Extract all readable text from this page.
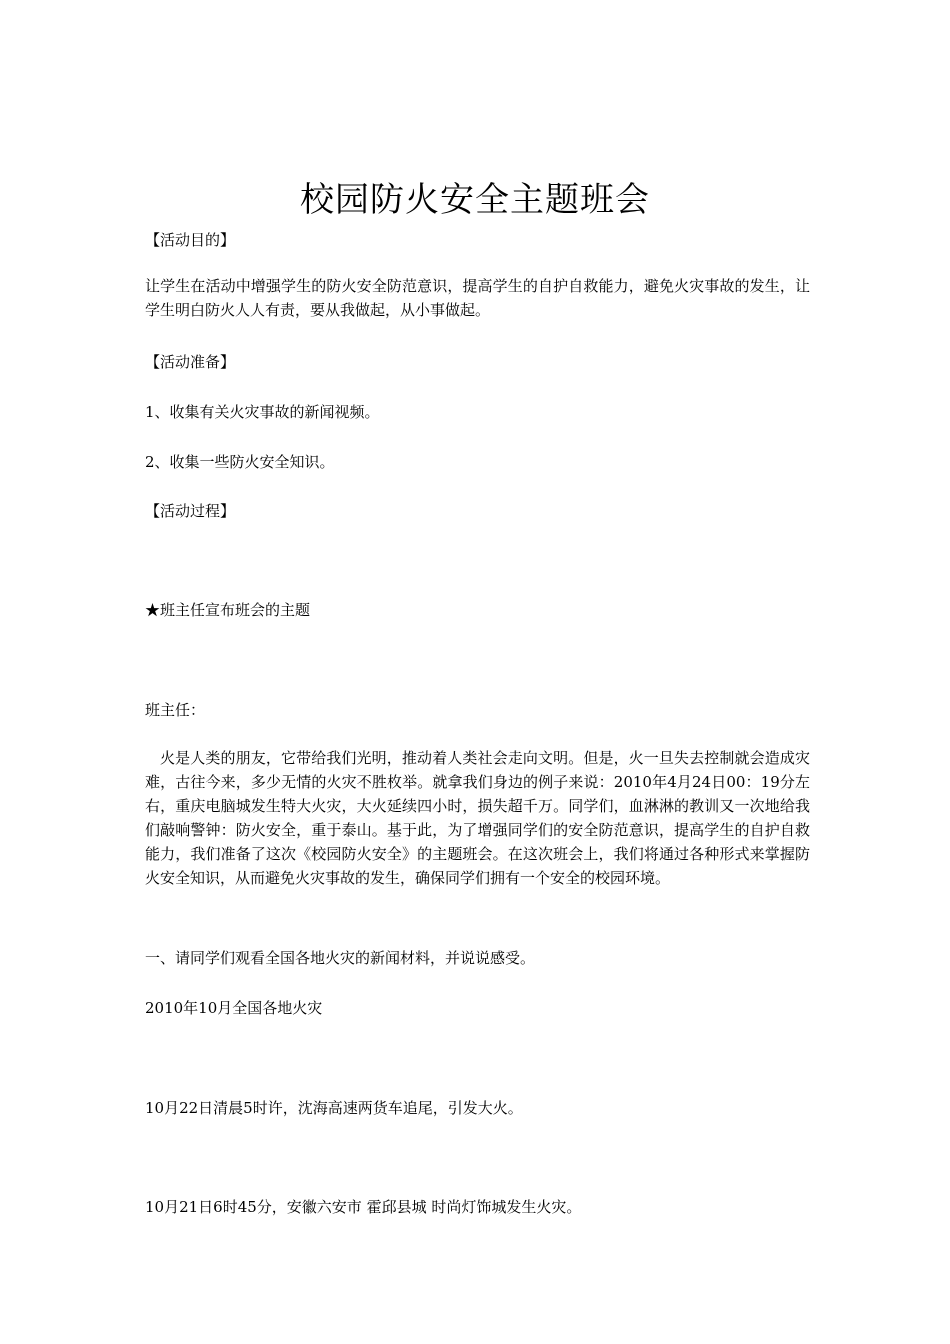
校园防火安全主题班会
【活动目的】
让学生在活动中增强学生的防火安全防范意识，提高学生的自护自救能力，避免火灾事故的发生，让学生明白防火人人有责，要从我做起，从小事做起。
【活动准备】
1、收集有关火灾事故的新闻视频。
2、收集一些防火安全知识。
【活动过程】
★班主任宣布班会的主题
班主任：
火是人类的朋友，它带给我们光明，推动着人类社会走向文明。但是，火一旦失去控制就会造成灾难，古往今来，多少无情的火灾不胜枚举。就拿我们身边的例子来说：2010年4月24日00：19分左右，重庆电脑城发生特大火灾，大火延续四小时，损失超千万。同学们，血淋淋的教训又一次地给我们敲响警钟：防火安全，重于泰山。基于此，为了增强同学们的安全防范意识，提高学生的自护自救能力，我们准备了这次《校园防火安全》的主题班会。在这次班会上，我们将通过各种形式来掌握防火安全知识，从而避免火灾事故的发生，确保同学们拥有一个安全的校园环境。
一、请同学们观看全国各地火灾的新闻材料，并说说感受。
2010年10月全国各地火灾
10月22日清晨5时许，沈海高速两货车追尾，引发大火。
10月21日6时45分，安徽六安市 霍邱县城 时尚灯饰城发生火灾。
